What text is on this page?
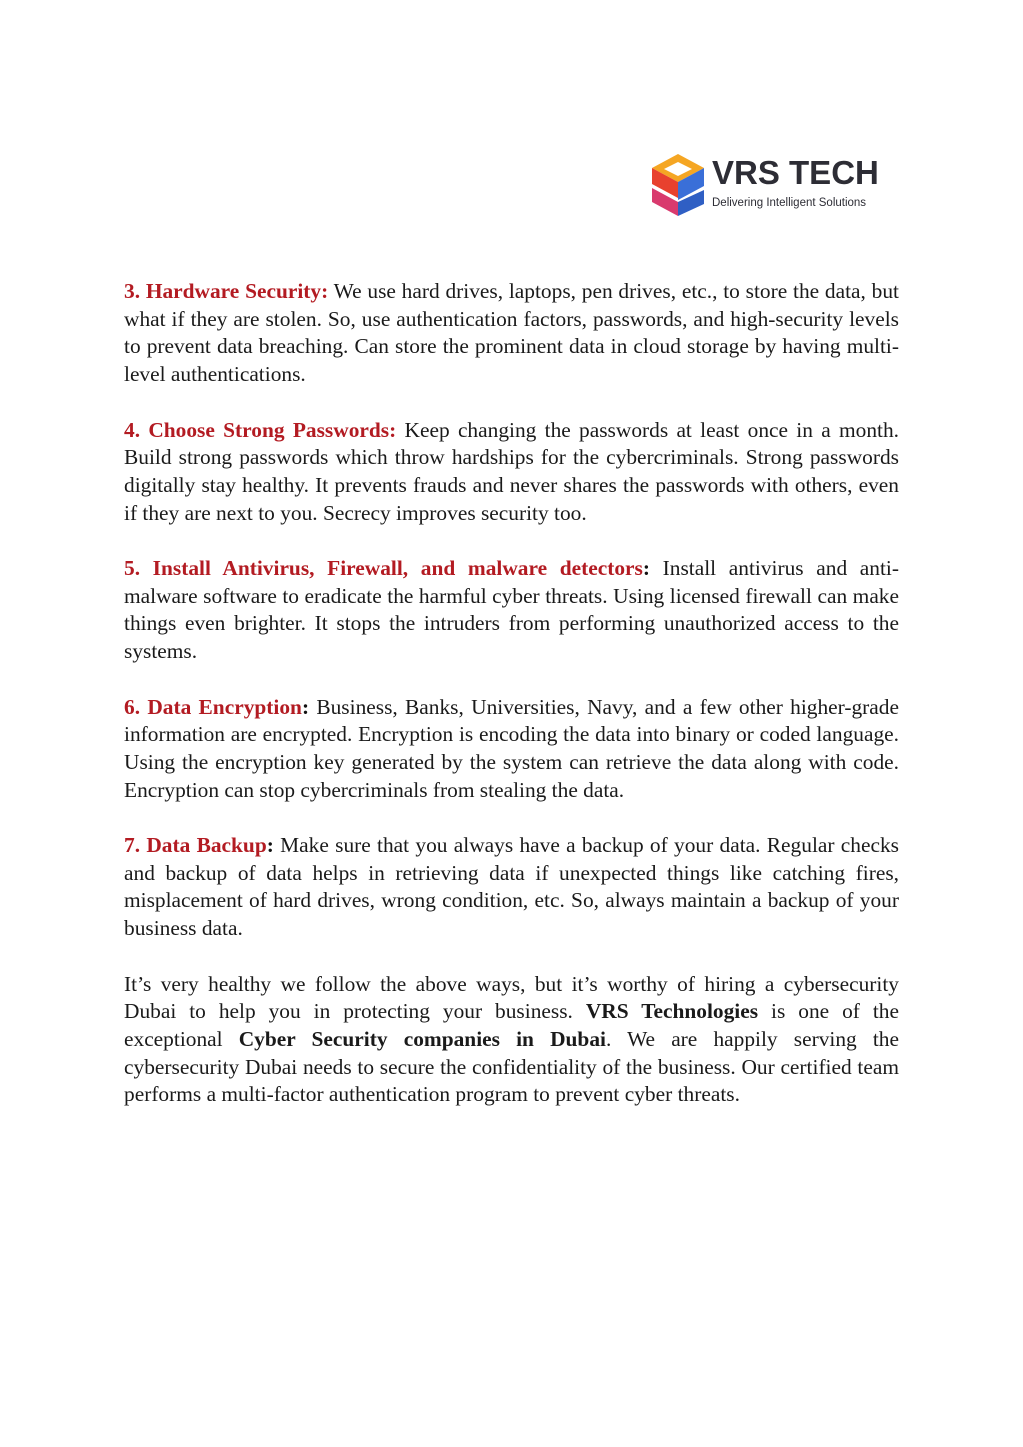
VRS TECH
Delivering Intelligent Solutions

3. Hardware Security: We use hard drives, laptops, pen drives, etc., to store the data, but what if they are stolen. So, use authentication factors, passwords, and high-security levels to prevent data breaching. Can store the prominent data in cloud storage by having multi-level authentications.

4. Choose Strong Passwords: Keep changing the passwords at least once in a month. Build strong passwords which throw hardships for the cybercriminals. Strong passwords digitally stay healthy. It prevents frauds and never shares the passwords with others, even if they are next to you. Secrecy improves security too.

5. Install Antivirus, Firewall, and malware detectors: Install antivirus and anti-malware software to eradicate the harmful cyber threats. Using licensed firewall can make things even brighter. It stops the intruders from performing unauthorized access to the systems.

6. Data Encryption: Business, Banks, Universities, Navy, and a few other higher-grade information are encrypted. Encryption is encoding the data into binary or coded language. Using the encryption key generated by the system can retrieve the data along with code. Encryption can stop cybercriminals from stealing the data.

7. Data Backup: Make sure that you always have a backup of your data. Regular checks and backup of data helps in retrieving data if unexpected things like catching fires, misplacement of hard drives, wrong condition, etc. So, always maintain a backup of your business data.

It’s very healthy we follow the above ways, but it’s worthy of hiring a cybersecurity Dubai to help you in protecting your business. VRS Technologies is one of the exceptional Cyber Security companies in Dubai. We are happily serving the cybersecurity Dubai needs to secure the confidentiality of the business. Our certified team performs a multi-factor authentication program to prevent cyber threats.
